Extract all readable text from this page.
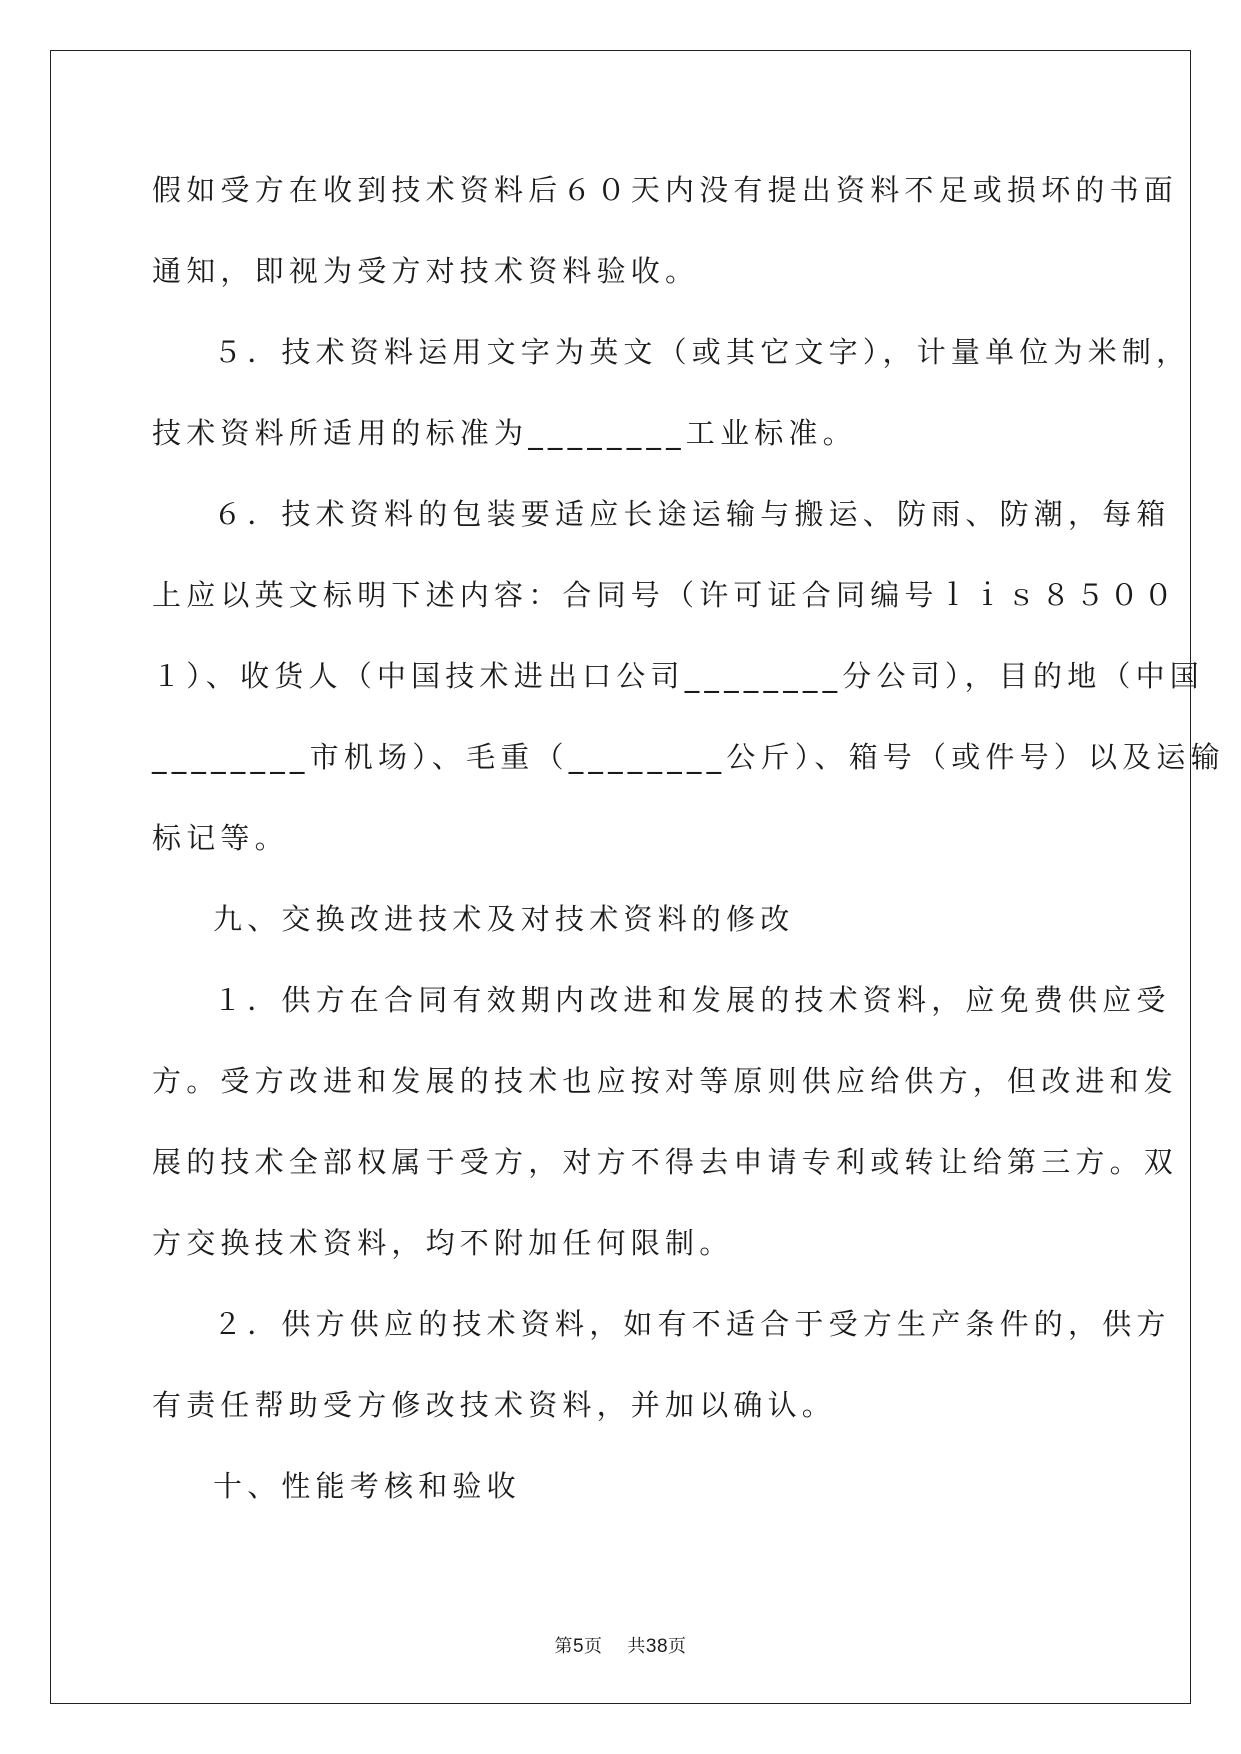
假如受方在收到技术资料后６０天内没有提出资料不足或损坏的书面
通知，即视为受方对技术资料验收。
５．技术资料运用文字为英文（或其它文字），计量单位为米制，
技术资料所适用的标准为________工业标准。
６．技术资料的包装要适应长途运输与搬运、防雨、防潮，每箱
上应以英文标明下述内容：合同号（许可证合同编号ｌｉｓ８５００
１）、收货人（中国技术进出口公司________分公司），目的地（中国
________市机场）、毛重（________公斤）、箱号（或件号）以及运输
标记等。
九、交换改进技术及对技术资料的修改
１．供方在合同有效期内改进和发展的技术资料，应免费供应受
方。受方改进和发展的技术也应按对等原则供应给供方，但改进和发
展的技术全部权属于受方，对方不得去申请专利或转让给第三方。双
方交换技术资料，均不附加任何限制。
２．供方供应的技术资料，如有不适合于受方生产条件的，供方
有责任帮助受方修改技术资料，并加以确认。
十、性能考核和验收
第5页 共38页
